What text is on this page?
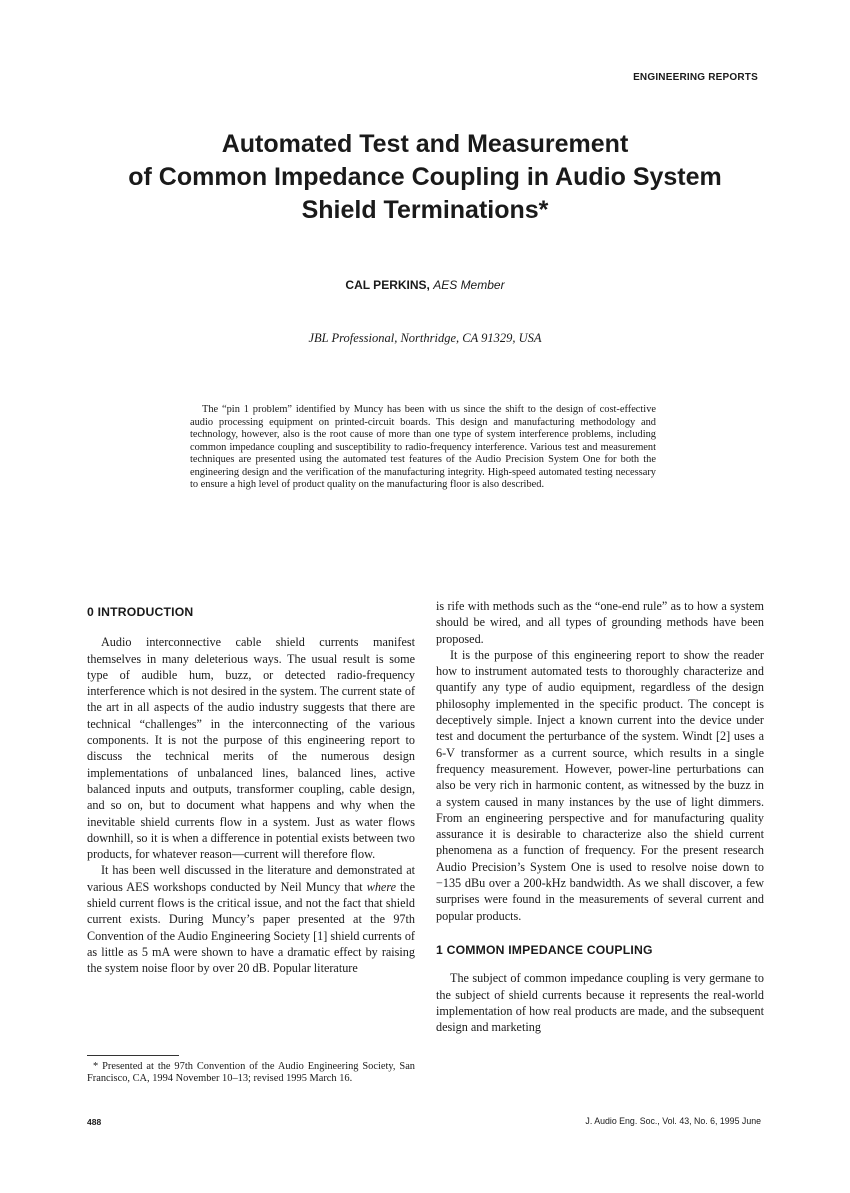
ENGINEERING REPORTS
Automated Test and Measurement
of Common Impedance Coupling in Audio System
Shield Terminations*
CAL PERKINS, AES Member
JBL Professional, Northridge, CA 91329, USA

The “pin 1 problem” identified by Muncy has been with us since the shift to the design of cost-effective audio processing equipment on printed-circuit boards. This design and manufacturing methodology and technology, however, also is the root cause of more than one type of system interference problems, including common impedance coupling and susceptibility to radio-frequency interference. Various test and measurement techniques are presented using the automated test features of the Audio Precision System One for both the engineering design and the verification of the manufacturing integrity. High-speed automated testing necessary to ensure a high level of product quality on the manufacturing floor is also described.

0 INTRODUCTION

Audio interconnective cable shield currents manifest themselves in many deleterious ways. The usual result is some type of audible hum, buzz, or detected radio-frequency interference which is not desired in the system. The current state of the art in all aspects of the audio industry suggests that there are technical “challenges” in the interconnecting of the various components. It is not the purpose of this engineering report to discuss the technical merits of the numerous design implementations of unbalanced lines, balanced lines, active balanced inputs and outputs, transformer coupling, cable design, and so on, but to document what happens and why when the inevitable shield currents flow in a system. Just as water flows downhill, so it is when a difference in potential exists between two products, for whatever reason—current will therefore flow.

It has been well discussed in the literature and demonstrated at various AES workshops conducted by Neil Muncy that where the shield current flows is the critical issue, and not the fact that shield current exists. During Muncy’s paper presented at the 97th Convention of the Audio Engineering Society [1] shield currents of as little as 5 mA were shown to have a dramatic effect by raising the system noise floor by over 20 dB. Popular literature

is rife with methods such as the “one-end rule” as to how a system should be wired, and all types of grounding methods have been proposed.

It is the purpose of this engineering report to show the reader how to instrument automated tests to thoroughly characterize and quantify any type of audio equipment, regardless of the design philosophy implemented in the specific product. The concept is deceptively simple. Inject a known current into the device under test and document the perturbance of the system. Windt [2] uses a 6-V transformer as a current source, which results in a single frequency measurement. However, power-line perturbations can also be very rich in harmonic content, as witnessed by the buzz in a system caused in many instances by the use of light dimmers. From an engineering perspective and for manufacturing quality assurance it is desirable to characterize also the shield current phenomena as a function of frequency. For the present research Audio Precision’s System One is used to resolve noise down to −135 dBu over a 200-kHz bandwidth. As we shall discover, a few surprises were found in the measurements of several current and popular products.

1 COMMON IMPEDANCE COUPLING

The subject of common impedance coupling is very germane to the subject of shield currents because it represents the real-world implementation of how real products are made, and the subsequent design and marketing

* Presented at the 97th Convention of the Audio Engineering Society, San Francisco, CA, 1994 November 10–13; revised 1995 March 16.

488	J. Audio Eng. Soc., Vol. 43, No. 6, 1995 June
